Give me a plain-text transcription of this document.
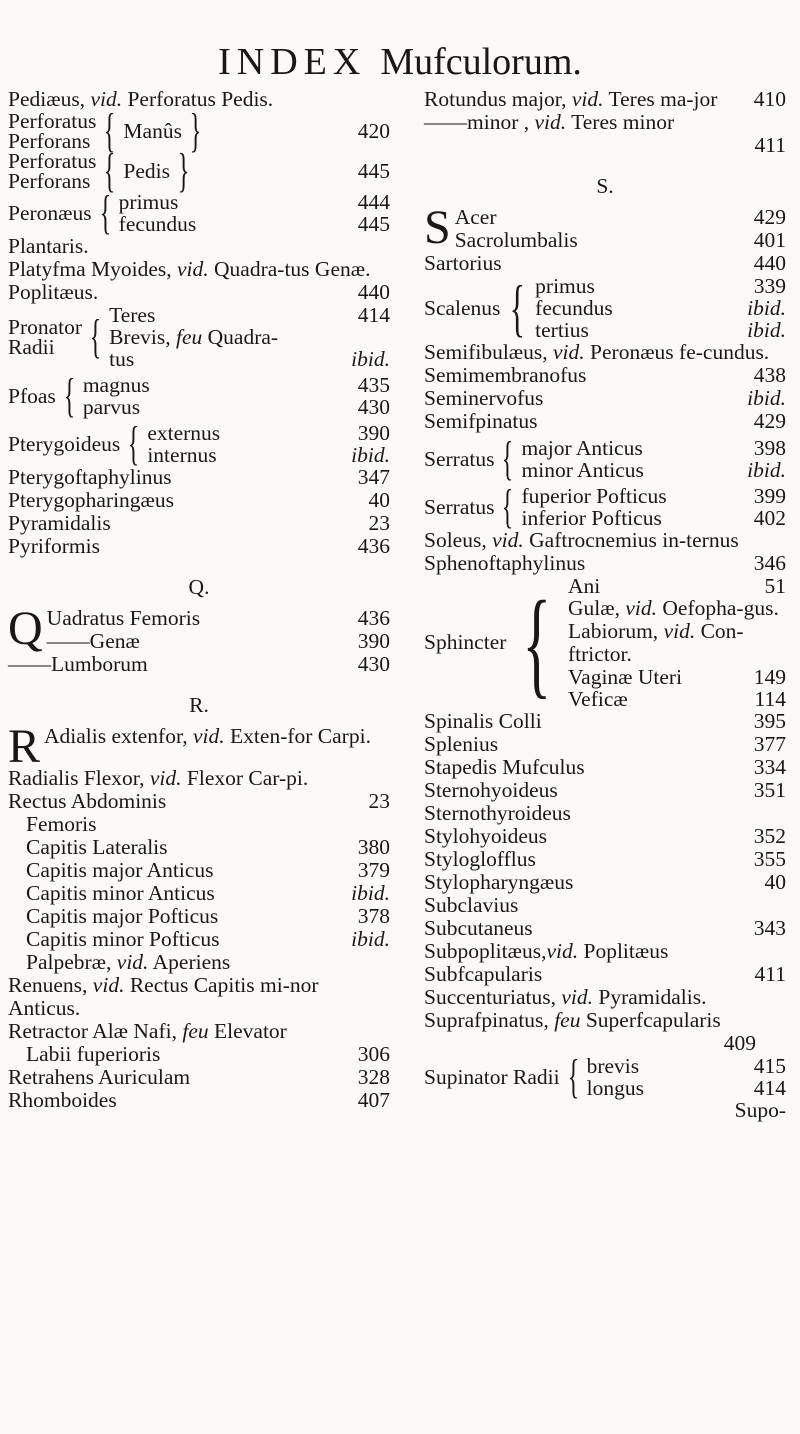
INDEX Mufculorum.
Pediæus, vid. Perforatus Pedis.
Perforatus
Perforans { Manûs }	420
Perforatus
Perforans { Pedis }	445
Peronæus { primus	444
fecundus	445
Plantaris.
Platyfma Myoides, vid. Quadra-tus Genæ.
Poplitæus.	440
Pronator
Radii { Teres	414
Brevis, feu Quadra-
tus	ibid.
Pfoas { magnus	435
parvus	430
Pterygoideus { externus	390
internus	ibid.
Pterygoftaphylinus	347
Pterygopharingæus	40
Pyramidalis	23
Pyriformis	436
Q.
Q Uadratus Femoris	436
——Genæ	390
——Lumborum	430
R.
R Adialis extenfor, vid. Exten-for Carpi.
Radialis Flexor, vid. Flexor Car-pi.
Rectus Abdominis	23
Femoris
Capitis Lateralis	380
Capitis major Anticus	379
Capitis minor Anticus	ibid.
Capitis major Pofticus	378
Capitis minor Pofticus	ibid.
Palpebræ, vid. Aperiens
Renuens, vid. Rectus Capitis mi-nor Anticus.
Retractor Alæ Nafi, feu Elevator
Labii fuperioris	306
Retrahens Auriculam	328
Rhomboides	407
Rotundus major, vid. Teres ma-jor 410
——minor , vid. Teres minor
411
S.
S Acer	429
Sacrolumbalis	401
Sartorius	440
Scalenus { primus	339
fecundus	ibid.
tertius	ibid.
Semifibulæus, vid. Peronæus fe-cundus.
Semimembranofus	438
Seminervofus	ibid.
Semifpinatus	429
Serratus { major Anticus	398
minor Anticus	ibid.
Serratus { fuperior Pofticus	399
inferior Pofticus	402
Soleus, vid. Gaftrocnemius in-ternus
Sphenoftaphylinus	346
Sphincter { Ani	51
Gulæ, vid. Oefopha-gus.
Labiorum, vid. Con-ftrictor.
Vaginæ Uteri	149
Veficæ	114
Spinalis Colli	395
Splenius	377
Stapedis Mufculus	334
Sternohyoideus	351
Sternothyroideus
Stylohyoideus	352
Styloglofflus	355
Stylopharyngæus	40
Subclavius
Subcutaneus	343
Subpoplitæus,vid. Poplitæus
Subfcapularis	411
Succenturiatus, vid. Pyramidalis.
Suprafpinatus, feu Superfcapularis
409
Supinator Radii { brevis	415
longus	414
Supo-
